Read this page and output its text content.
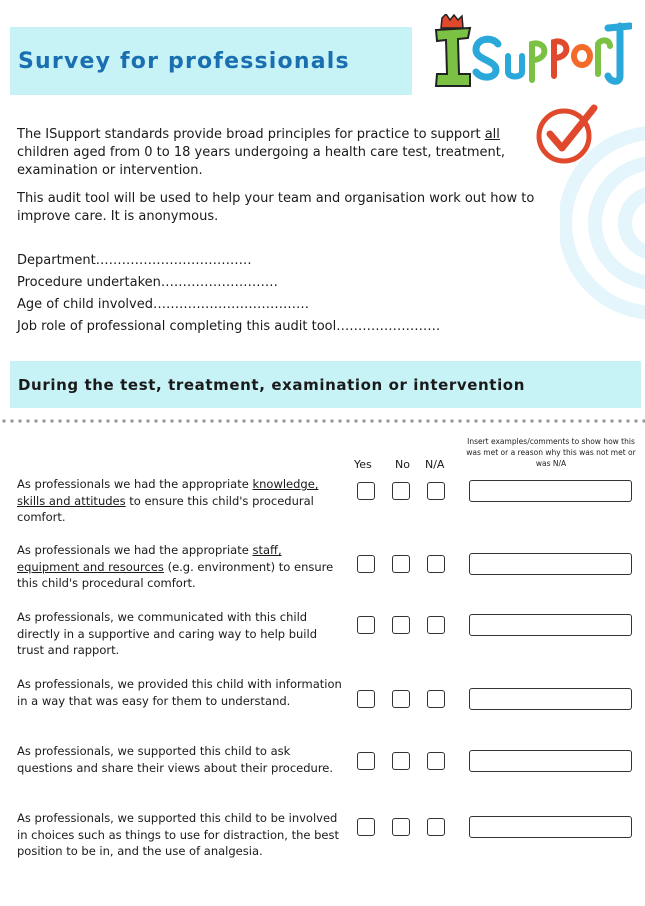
Survey for professionals

The ISupport standards provide broad principles for practice to support all children aged from 0 to 18 years undergoing a health care test, treatment, examination or intervention.

This audit tool will be used to help your team and organisation work out how to improve care. It is anonymous.

Department………………………………
Procedure undertaken………………………
Age of child involved………………………………
Job role of professional completing this audit tool……………………
During the test, treatment, examination or intervention
Yes No N/A
Insert examples/comments to show how this was met or a reason why this was not met or was N/A
As professionals we had the appropriate knowledge, skills and attitudes to ensure this child's procedural comfort.
As professionals we had the appropriate staff, equipment and resources (e.g. environment) to ensure this child's procedural comfort.
As professionals, we communicated with this child directly in a supportive and caring way to help build trust and rapport.
As professionals, we provided this child with information in a way that was easy for them to understand.
As professionals, we supported this child to ask questions and share their views about their procedure.
As professionals, we supported this child to be involved in choices such as things to use for distraction, the best position to be in, and the use of analgesia.
